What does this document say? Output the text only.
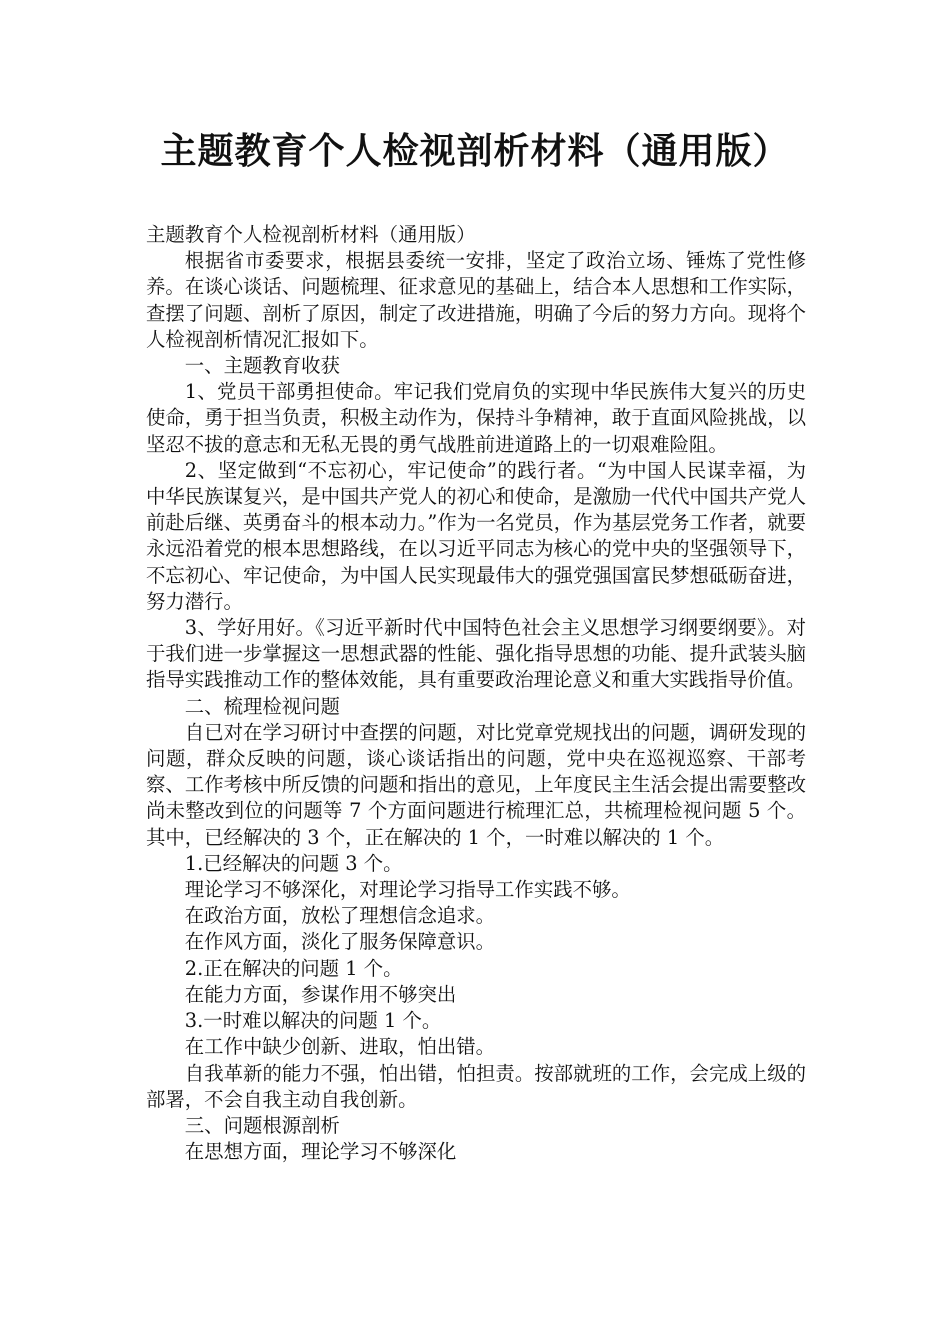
主题教育个人检视剖析材料（通用版）

主题教育个人检视剖析材料（通用版）

根据省市委要求，根据县委统一安排，坚定了政治立场、锤炼了党性修养。在谈心谈话、问题梳理、征求意见的基础上，结合本人思想和工作实际，查摆了问题、剖析了原因，制定了改进措施，明确了今后的努力方向。现将个人检视剖析情况汇报如下。

一、主题教育收获

1、党员干部勇担使命。牢记我们党肩负的实现中华民族伟大复兴的历史使命，勇于担当负责，积极主动作为，保持斗争精神，敢于直面风险挑战，以坚忍不拔的意志和无私无畏的勇气战胜前进道路上的一切艰难险阻。

2、坚定做到“不忘初心，牢记使命”的践行者。“为中国人民谋幸福，为中华民族谋复兴，是中国共产党人的初心和使命，是激励一代代中国共产党人前赴后继、英勇奋斗的根本动力。”作为一名党员，作为基层党务工作者，就要永远沿着党的根本思想路线，在以习近平同志为核心的党中央的坚强领导下，不忘初心、牢记使命，为中国人民实现最伟大的强党强国富民梦想砥砺奋进，努力潜行。

3、学好用好。《习近平新时代中国特色社会主义思想学习纲要纲要》。对于我们进一步掌握这一思想武器的性能、强化指导思想的功能、提升武装头脑指导实践推动工作的整体效能，具有重要政治理论意义和重大实践指导价值。

二、梳理检视问题

自已对在学习研讨中查摆的问题，对比党章党规找出的问题，调研发现的问题，群众反映的问题，谈心谈话指出的问题，党中央在巡视巡察、干部考察、工作考核中所反馈的问题和指出的意见，上年度民主生活会提出需要整改尚未整改到位的问题等 7 个方面问题进行梳理汇总，共梳理检视问题 5 个。其中，已经解决的 3 个，正在解决的 1 个，一时难以解决的 1 个。

1.已经解决的问题 3 个。

理论学习不够深化，对理论学习指导工作实践不够。

在政治方面，放松了理想信念追求。

在作风方面，淡化了服务保障意识。

2.正在解决的问题 1 个。

在能力方面，参谋作用不够突出

3.一时难以解决的问题 1 个。

在工作中缺少创新、进取，怕出错。

自我革新的能力不强，怕出错，怕担责。按部就班的工作，会完成上级的部署，不会自我主动自我创新。

三、问题根源剖析

在思想方面，理论学习不够深化
